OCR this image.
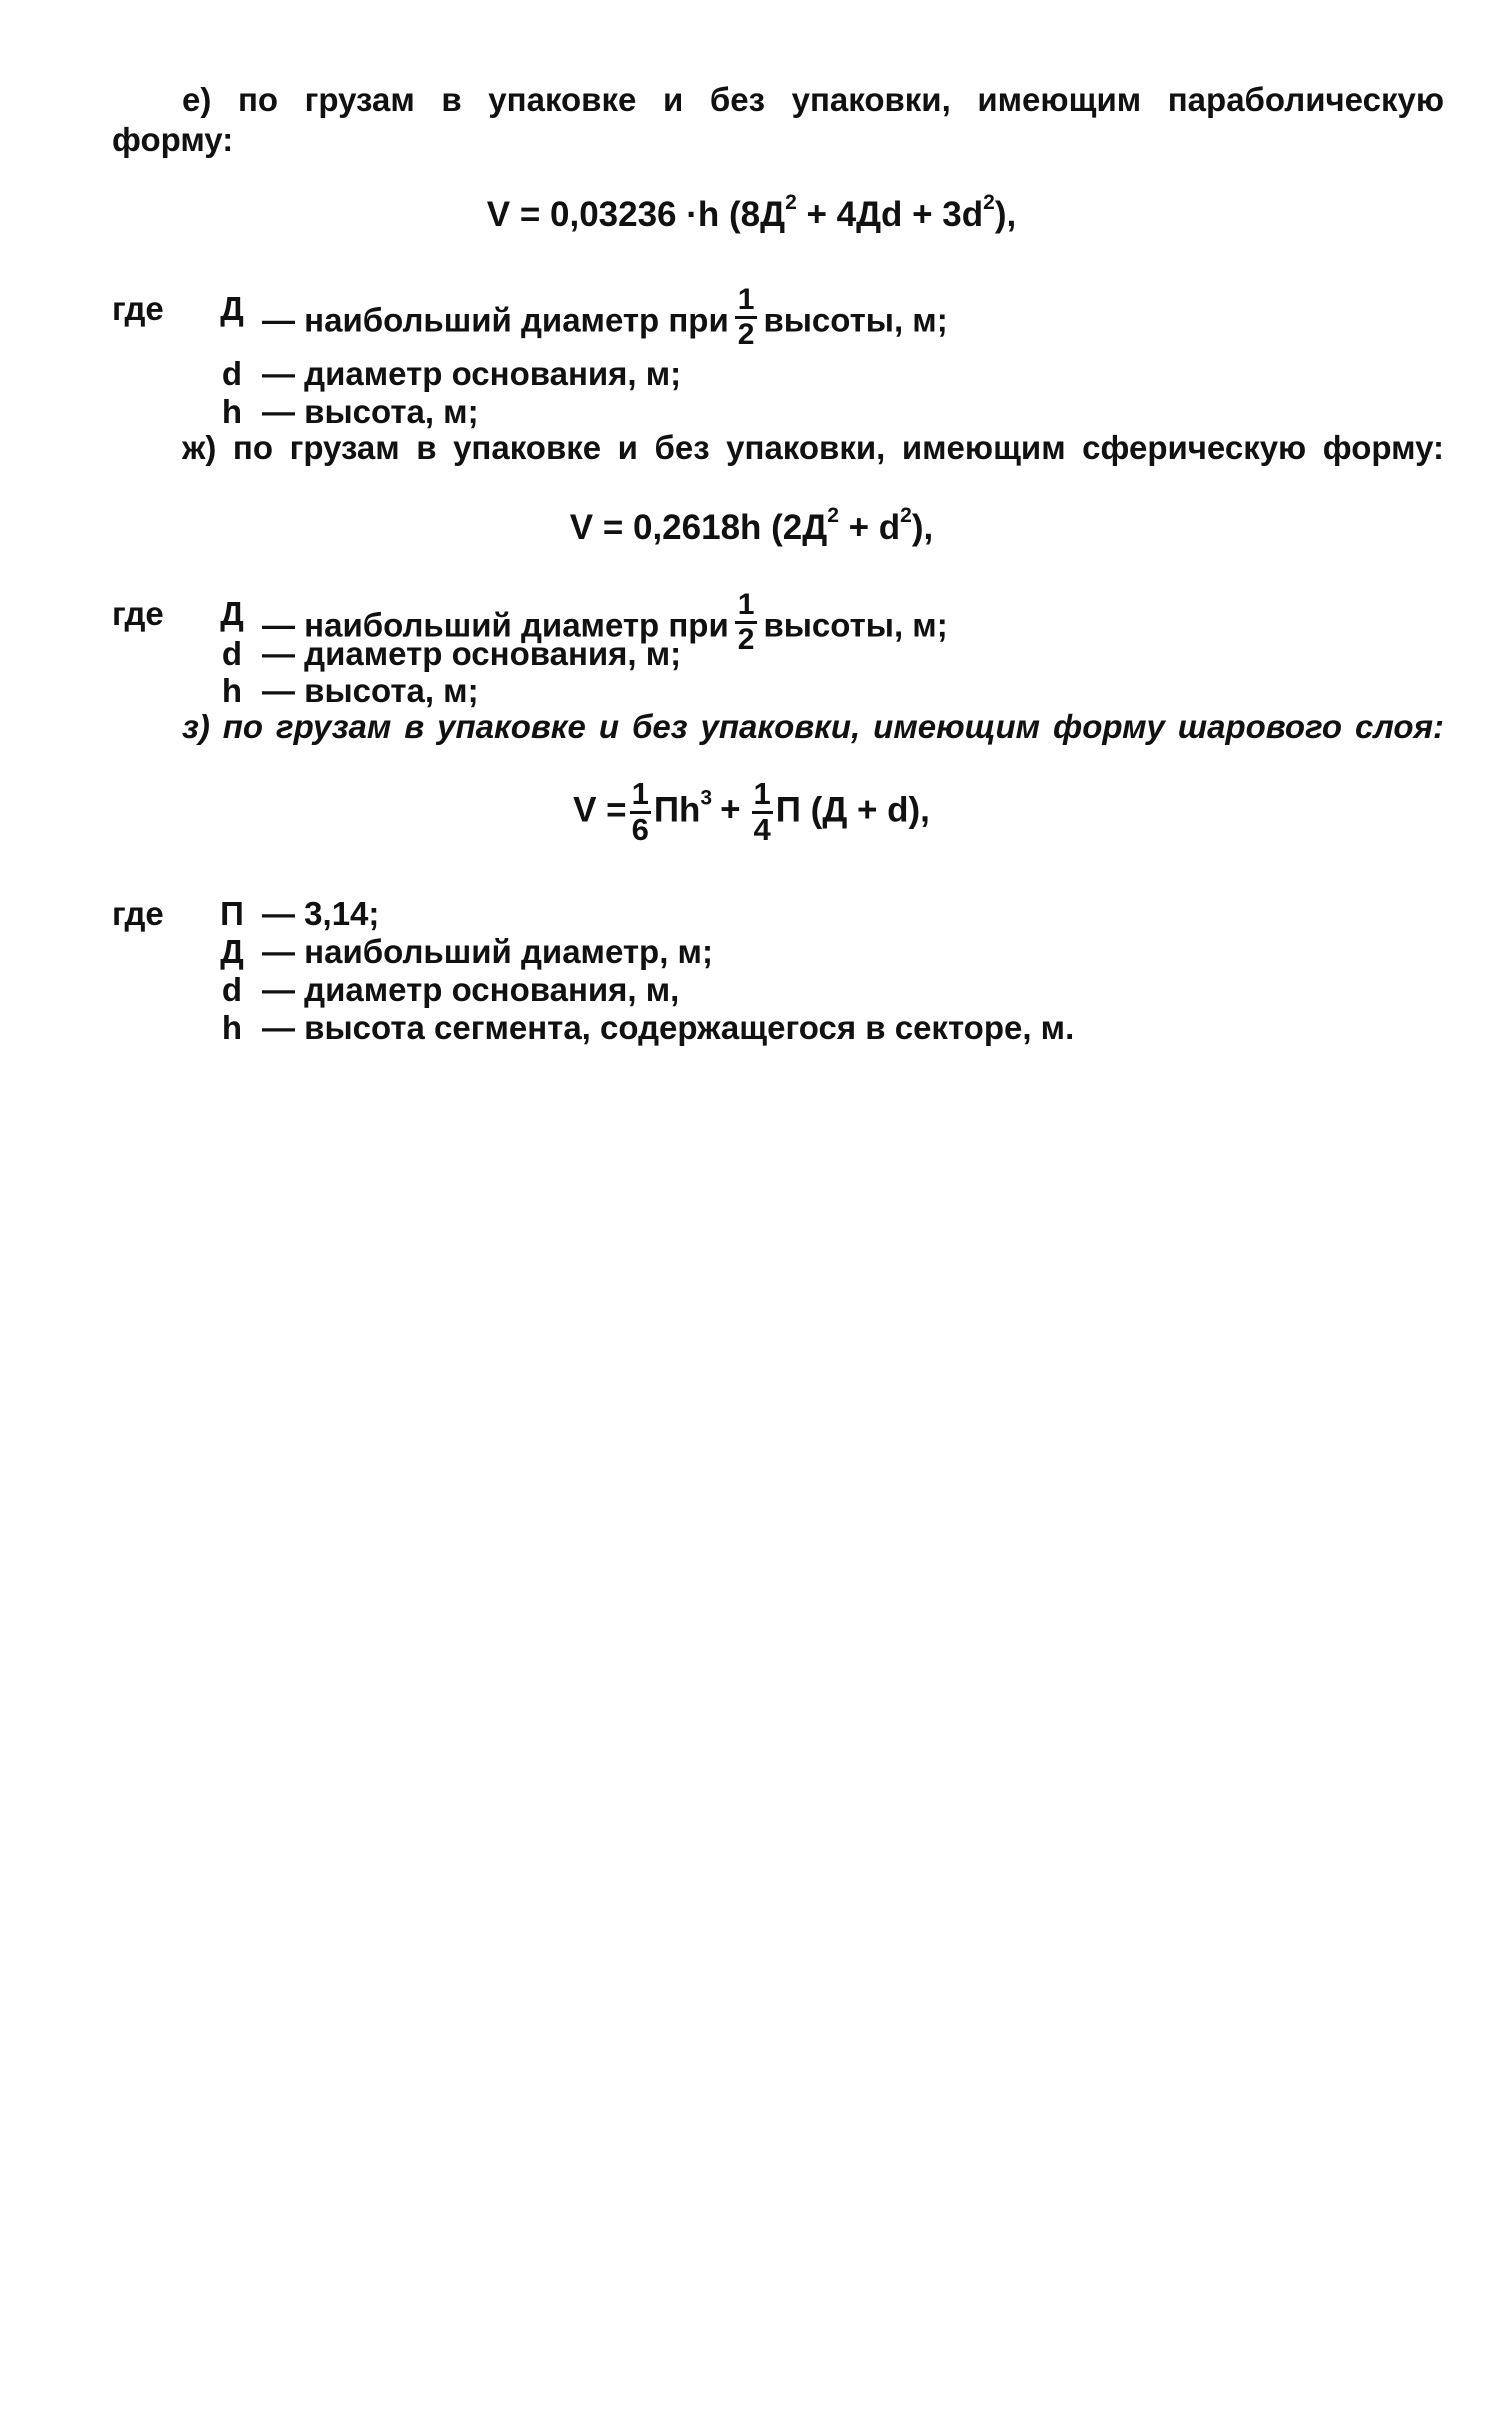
е) по грузам в упаковке и без упаковки, имеющим параболическую
форму:
V = 0,03236 ·h $(8Д^2 + 4Дd + 3d^2)$,
где	Д — наибольший диаметр при $\frac{1}{2}$ высоты, м;
d — диаметр основания, м;
h — высота, м;
ж) по грузам в упаковке и без упаковки, имеющим сферическую форму:
V = 0,2618h $(2Д^2 + d^2)$,
где	Д — наибольший диаметр при $\frac{1}{2}$ высоты, м;
d — диаметр основания, м;
h — высота, м;
з) по грузам в упаковке и без упаковки, имеющим форму шарового слоя:
$V = \frac{1}{6} Пh^3 + \frac{1}{4}$ П (Д + d),
где	П — 3,14;
Д — наибольший диаметр, м;
d — диаметр основания, м,
h — высота сегмента, содержащегося в секторе, м.
